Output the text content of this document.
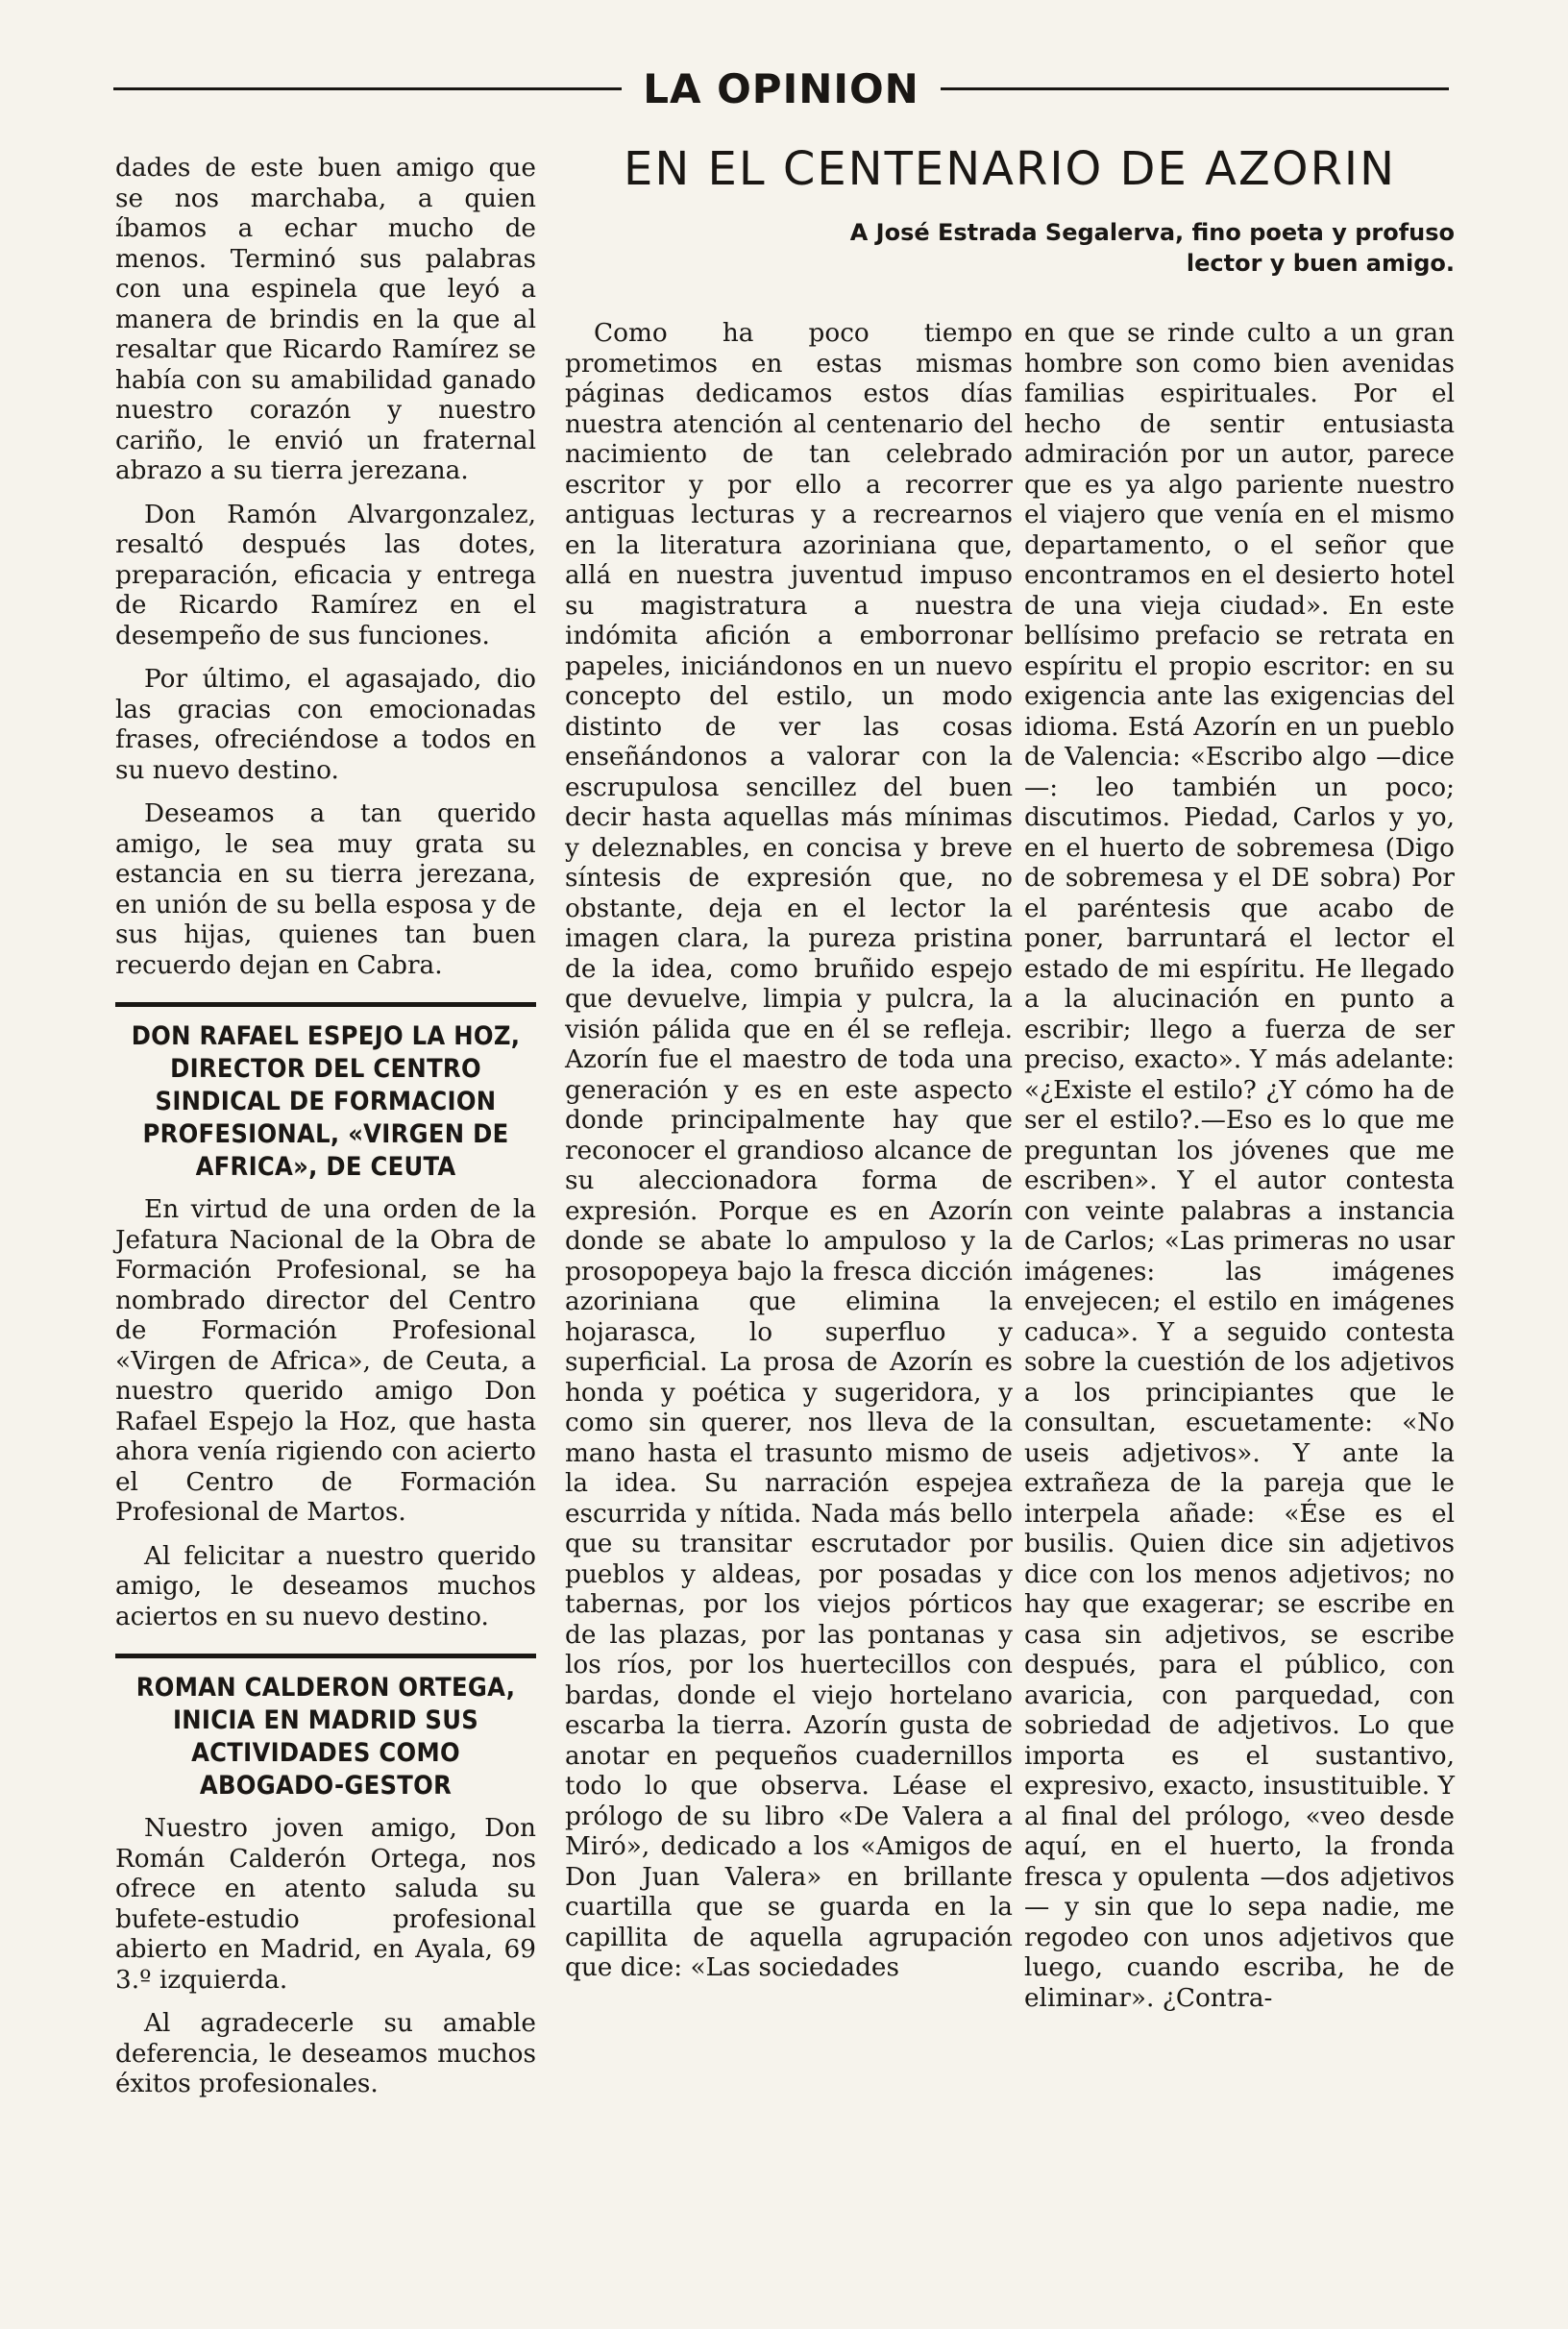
LA OPINION

dades de este buen amigo que se nos marchaba, a quien íbamos a echar mucho de menos. Terminó sus palabras con una espinela que leyó a manera de brindis en la que al resaltar que Ricardo Ramírez se había con su amabilidad ganado nuestro corazón y nuestro cariño, le envió un fraternal abrazo a su tierra jerezana.

Don Ramón Alvargonzalez, resaltó después las dotes, preparación, eficacia y entrega de Ricardo Ramírez en el desempeño de sus funciones.

Por último, el agasajado, dio las gracias con emocionadas frases, ofreciéndose a todos en su nuevo destino.

Deseamos a tan querido amigo, le sea muy grata su estancia en su tierra jerezana, en unión de su bella esposa y de sus hijas, quienes tan buen recuerdo dejan en Cabra.

DON RAFAEL ESPEJO LA HOZ, DIRECTOR DEL CENTRO SINDICAL DE FORMACION PROFESIONAL, «VIRGEN DE AFRICA», DE CEUTA

En virtud de una orden de la Jefatura Nacional de la Obra de Formación Profesional, se ha nombrado director del Centro de Formación Profesional «Virgen de Africa», de Ceuta, a nuestro querido amigo Don Rafael Espejo la Hoz, que hasta ahora venía rigiendo con acierto el Centro de Formación Profesional de Martos.

Al felicitar a nuestro querido amigo, le deseamos muchos aciertos en su nuevo destino.

ROMAN CALDERON ORTEGA, INICIA EN MADRID SUS ACTIVIDADES COMO ABOGADO-GESTOR

Nuestro joven amigo, Don Román Calderón Ortega, nos ofrece en atento saluda su bufete-estudio profesional abierto en Madrid, en Ayala, 69 3.º izquierda.

Al agradecerle su amable deferencia, le deseamos muchos éxitos profesionales.

EN EL CENTENARIO DE AZORIN
A José Estrada Segalerva, fino poeta y profuso lector y buen amigo.

Como ha poco tiempo prometimos en estas mismas páginas dedicamos estos días nuestra atención al centenario del nacimiento de tan celebrado escritor y por ello a recorrer antiguas lecturas y a recrearnos en la literatura azoriniana que, allá en nuestra juventud impuso su magistratura a nuestra indómita afición a emborronar papeles, iniciándonos en un nuevo concepto del estilo, un modo distinto de ver las cosas enseñándonos a valorar con la escrupulosa sencillez del buen decir hasta aquellas más mínimas y deleznables, en concisa y breve síntesis de expresión que, no obstante, deja en el lector la imagen clara, la pureza pristina de la idea, como bruñido espejo que devuelve, limpia y pulcra, la visión pálida que en él se refleja. Azorín fue el maestro de toda una generación y es en este aspecto donde principalmente hay que reconocer el grandioso alcance de su aleccionadora forma de expresión. Porque es en Azorín donde se abate lo ampuloso y la prosopopeya bajo la fresca dicción azoriniana que elimina la hojarasca, lo superfluo y superficial. La prosa de Azorín es honda y poética y sugeridora, y como sin querer, nos lleva de la mano hasta el trasunto mismo de la idea. Su narración espejea escurrida y nítida. Nada más bello que su transitar escrutador por pueblos y aldeas, por posadas y tabernas, por los viejos pórticos de las plazas, por las pontanas y los ríos, por los huertecillos con bardas, donde el viejo hortelano escarba la tierra. Azorín gusta de anotar en pequeños cuadernillos todo lo que observa. Léase el prólogo de su libro «De Valera a Miró», dedicado a los «Amigos de Don Juan Valera» en brillante cuartilla que se guarda en la capillita de aquella agrupación que dice: «Las sociedades

en que se rinde culto a un gran hombre son como bien avenidas familias espirituales. Por el hecho de sentir entusiasta admiración por un autor, parece que es ya algo pariente nuestro el viajero que venía en el mismo departamento, o el señor que encontramos en el desierto hotel de una vieja ciudad». En este bellísimo prefacio se retrata en espíritu el propio escritor: en su exigencia ante las exigencias del idioma. Está Azorín en un pueblo de Valencia: «Escribo algo —dice—: leo también un poco; discutimos. Piedad, Carlos y yo, en el huerto de sobremesa (Digo de sobremesa y el DE sobra) Por el paréntesis que acabo de poner, barruntará el lector el estado de mi espíritu. He llegado a la alucinación en punto a escribir; llego a fuerza de ser preciso, exacto». Y más adelante: «¿Existe el estilo? ¿Y cómo ha de ser el estilo?.—Eso es lo que me preguntan los jóvenes que me escriben». Y el autor contesta con veinte palabras a instancia de Carlos; «Las primeras no usar imágenes: las imágenes envejecen; el estilo en imágenes caduca». Y a seguido contesta sobre la cuestión de los adjetivos a los principiantes que le consultan, escuetamente: «No useis adjetivos». Y ante la extrañeza de la pareja que le interpela añade: «Ése es el busilis. Quien dice sin adjetivos dice con los menos adjetivos; no hay que exagerar; se escribe en casa sin adjetivos, se escribe después, para el público, con avaricia, con parquedad, con sobriedad de adjetivos. Lo que importa es el sustantivo, expresivo, exacto, insustituible. Y al final del prólogo, «veo desde aquí, en el huerto, la fronda fresca y opulenta —dos adjetivos— y sin que lo sepa nadie, me regodeo con unos adjetivos que luego, cuando escriba, he de eliminar». ¿Contra-
